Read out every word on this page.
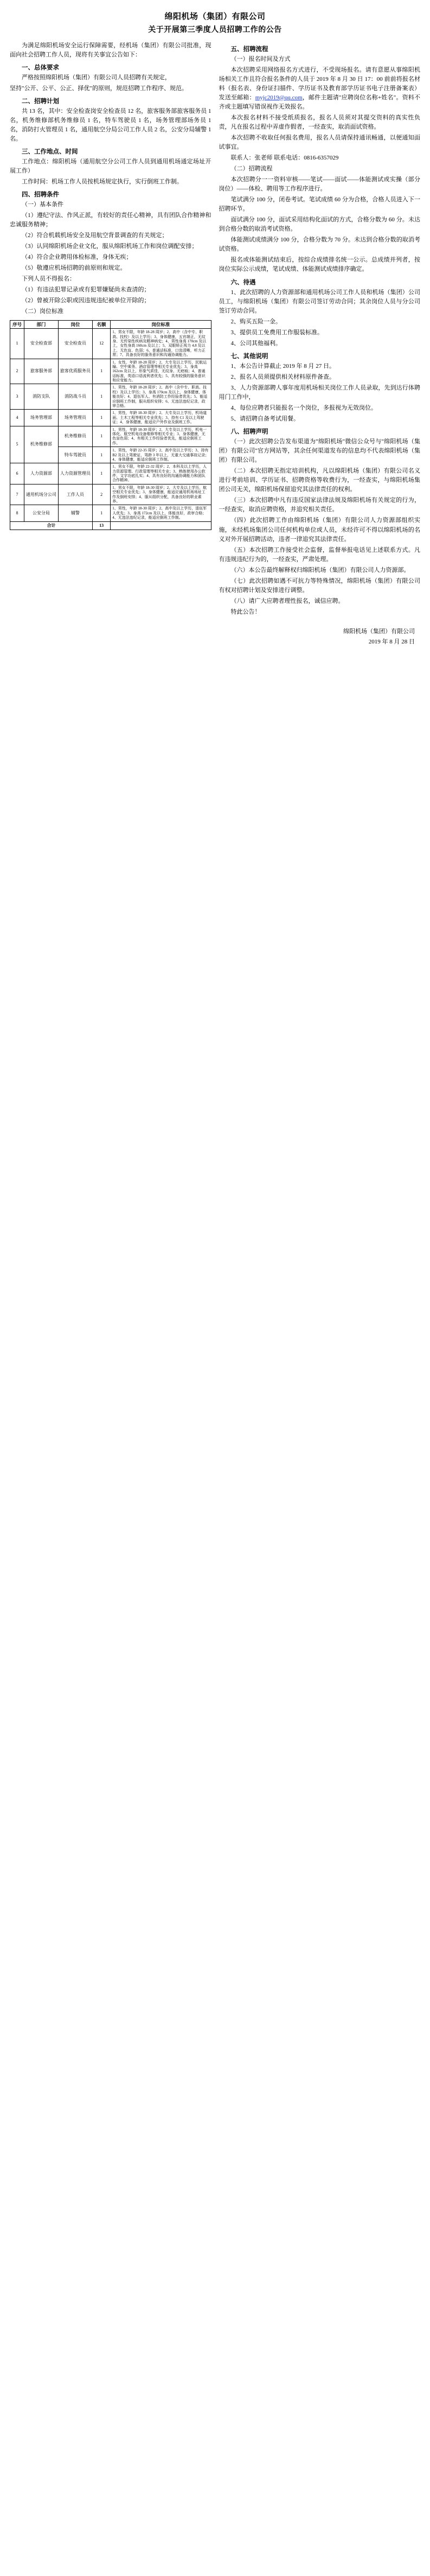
绵阳机场（集团）有限公司
关于开展第三季度人员招聘工作的公告

为满足绵阳机场安全运行保障需要，经机场（集团）有限公司批准，现面向社会招聘工作人员，现将有关事宜公告如下：

一、总体要求

严格按照绵阳机场（集团）有限公司人员招聘有关规定，

坚持"公开、公平、公正、择优"的原则，规范招聘工作程序、规范。

二、招聘计划

共 13 名，其中：安全检查岗安全检查员 12 名，旅客服务部旅客服务员 1 名，机务维修部机务维修员 1 名，特车驾驶员 1 名，场务管理部场务员 1 名，消防打火管理员 1 名，通用航空分局公司工作人员 2 名，公安分局辅警 1 名。

三、工作地点、时间

工作地点：绵阳机场（通用航空分公司工作人员到通用机场通定场址开展工作）

工作时间：机场工作人员按机场规定执行，实行倒班工作制。

四、招聘条件

（一）基本条件

（1）遵纪守法、作风正派，有较好的责任心精神，具有团队合作精神和忠诚服务精神；

（2）符合机载机场安全及用航空背景调查的有关规定；

（3）认同绵阳机场企业文化，服从绵阳机场工作和岗位调配安排；

（4）符合企业聘用体检标准，身体无疾；

（5）敬遵应机场招聘的前原则和规定。

下列人员不得报名：

（1）有违法犯罪记录或有犯罪嫌疑尚未查清的；

（2）曾被开除公职或因违规违纪被单位开除的；

（二）岗位标准

序号	部门	岗位	名额	岗位标准
1	安全检查部	安全检查员	12	1、男女不限，年龄 18-28 周岁；2、高中（含中专、职高、技校）及以上学历；3、身体健康，五官端正，无纹身、无传染性疾病及精神病史；4、男性身高 170cm 及以上，女性身高 160cm 及以上；5、双眼矫正视力 4.8 及以上，无色盲、色弱；6、普通话标准，口齿清晰，听力正常；7、具备良好的服务意识和沟通协调能力。
2	旅客服务部	旅客优质服务员	1	1、女性，年龄 18-28 周岁；2、大专及以上学历，民航运输、空中乘务、酒店管理等相关专业优先；3、身高 162cm 及以上，形象气质佳，无纹身、无疤痕；4、普通话标准，英语口语流利者优先；5、具有较强的服务意识和应变能力。
3	消防支队	消防战斗员	1	1、男性，年龄 18-28 周岁；2、高中（含中专、职高、技校）及以上学历；3、身高 170cm 及以上，身体健康，体能良好；4、退伍军人、有消防工作经验者优先；5、能适应倒班工作制，服从组织安排；6、无违法违纪记录，政审合格。
4	场务管理部	场务管理员	1	1、男性，年龄 18-30 周岁；2、大专及以上学历，机场道面、土木工程等相关专业优先；3、持有 C1 及以上驾驶证；4、身体健康，能适应户外作业及倒班工作。
5	机务维修部	机务维修员	1	1、男性，年龄 18-30 周岁；2、大专及以上学历，机电一体化、航空机电设备维修等相关专业；3、身体健康，无色盲色弱；4、有相关工作经验者优先，能适应倒班工作。
		特车驾驶员	1	1、男性，年龄 22-35 周岁；2、高中及以上学历；3、持有 B2 及以上驾驶证，驾龄 3 年以上，无重大交通事故记录；4、身体健康，能适应倒班工作制。
6	人力资源部	人力资源管理员	1	1、男女不限，年龄 22-32 周岁；2、本科及以上学历，人力资源管理、行政管理等相关专业；3、熟练使用办公软件，文字功底扎实；4、具有良好的沟通协调能力和团队合作精神。
7	通用机场分公司	工作人员	2	1、男女不限，年龄 18-30 周岁；2、大专及以上学历，航空相关专业优先；3、身体健康，能适应通用机场场址工作及倒班安排；4、服从组织分配，具备良好的职业素养。
8	公安分局	辅警	1	1、男性，年龄 18-30 周岁；2、高中及以上学历，退伍军人优先；3、身高 172cm 及以上，体能良好，政审合格；4、无违法违纪记录，能适应倒班工作制。
合计			13	
五、招聘流程

（一）报名时间及方式

本次招聘采用网络报名方式进行，不受现场报名。请有意愿从事绵阳机场相关工作且符合报名条件的人员于 2019 年 8 月 30 日 17：00 前前将报名材料（报名表、身份证扫描件、学历证书及教育部学历证书电子注册备案表）发送至邮箱：myjc2019@qq.com，邮件主题请"应聘岗位名称+姓名"。资料不齐或主题填写错误视作无效报名。

本次报名材料不接受纸质报名，报名人员须对其提交资料的真实性负责，凡在报名过程中弄虚作假者，一经查实，取消面试资格。

本次招聘不收取任何报名费用，报名人员请保持通讯畅通，以便通知面试事宜。

联系人：张老师 联系电话：0816-6357029

（二）招聘流程

本次招聘分一一资料审核——笔试——面试——体能测试或实操（部分岗位）——体检、聘用等工作程序进行。

笔试满分 100 分，闭卷考试。笔试成绩 60 分为合格，合格人员进入下一招聘环节。

面试满分 100 分，面试采用结构化面试的方式，合格分数为 60 分。未达到合格分数的取消考试资格。

体能测试成绩满分 100 分，合格分数为 70 分。未达到合格分数的取消考试资格。

报名或体能测试结束后，按综合成绩排名统一公示。总成绩并列者，按岗位实际公示成绩，笔试成绩、体能测试成绩排序确定。

六、待遇

1、此次招聘的人力资源部和通用机场公司工作人员和机场（集团）公司员工，与绵阳机场（集团）有限公司签订劳动合同；其余岗位人员与分公司签订劳动合同。

2、购买五险一金。

3、提供员工免费用工作服装标准。

4、公司其他福利。

七、其他说明

1、本公告计算截止 2019 年 8 月 27 日。

2、报名人员须提供相关材料原件备查。

3、人力资源部聘人事年度用机场相关岗位工作人员录取，先到达行体聘用门工作中，

4、每位应聘者只能报名一个岗位，多报视为无效岗位。

5、请招聘自备考试用餐。

八、招聘声明

（一）此次招聘公告发布渠道为"绵阳机场"微信公众号与"绵阳机场（集团）有限公司"官方网站等，其余任何渠道发布的信息均不代表绵阳机场（集团）有限公司。

（二）本次招聘无指定培训机构，凡以绵阳机场（集团）有限公司名义进行考前培训、学历证书、招聘资格等收费行为，一经查实，与绵阳机场集团公司无关，绵阳机场保留追究其法律责任的权利。

（三）本次招聘中凡有违反国家法律法规及绵阳机场有关规定的行为，一经查实，取消应聘资格，并追究相关责任。

（四）此次招聘工作由绵阳机场（集团）有限公司人力资源部组织实施，未经机场集团公司任何机构单位或人员，未经许可不得以绵阳机场的名义对外开展招聘活动，违者一律追究其法律责任。

（五）本次招聘工作接受社会监督，监督举报电话见上述联系方式。凡有违规违纪行为的，一经查实，严肃处理。

（六）本公告最终解释权归绵阳机场（集团）有限公司人力资源部。

（七）此次招聘如遇不可抗力等特殊情况，绵阳机场（集团）有限公司有权对招聘计划及安排进行调整。

（八）请广大应聘者理性报名，诚信应聘。

特此公告！

绵阳机场（集团）有限公司
2019 年 8 月 28 日
